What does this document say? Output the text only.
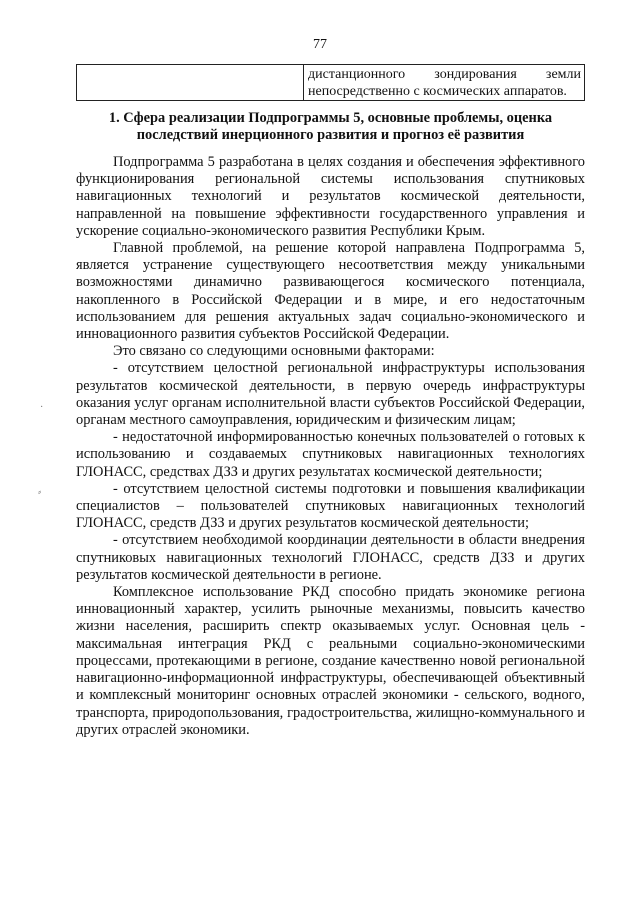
77

дистанционного зондирования земли
непосредственно с космических аппаратов.
1. Сфера реализации Подпрограммы 5, основные проблемы, оценка
последствий инерционного развития и прогноз её развития

Подпрограмма 5 разработана в целях создания и обеспечения эффективного функционирования региональной системы использования спутниковых навигационных технологий и результатов космической деятельности, направленной на повышение эффективности государственного управления и ускорение социально-экономического развития Республики Крым.

Главной проблемой, на решение которой направлена Подпрограмма 5, является устранение существующего несоответствия между уникальными возможностями динамично развивающегося космического потенциала, накопленного в Российской Федерации и в мире, и его недостаточным использованием для решения актуальных задач социально-экономического и инновационного развития субъектов Российской Федерации.

Это связано со следующими основными факторами:

- отсутствием целостной региональной инфраструктуры использования результатов космической деятельности, в первую очередь инфраструктуры оказания услуг органам исполнительной власти субъектов Российской Федерации, органам местного самоуправления, юридическим и физическим лицам;

- недостаточной информированностью конечных пользователей о готовых к использованию и создаваемых спутниковых навигационных технологиях ГЛОНАСС, средствах ДЗЗ и других результатах космической деятельности;

- отсутствием целостной системы подготовки и повышения квалификации специалистов – пользователей спутниковых навигационных технологий ГЛОНАСС, средств ДЗЗ и других результатов космической деятельности;

- отсутствием необходимой координации деятельности в области внедрения спутниковых навигационных технологий ГЛОНАСС, средств ДЗЗ и других результатов космической деятельности в регионе.

Комплексное использование РКД способно придать экономике региона инновационный характер, усилить рыночные механизмы, повысить качество жизни населения, расширить спектр оказываемых услуг. Основная цель - максимальная интеграция РКД с реальными социально-экономическими процессами, протекающими в регионе, создание качественно новой региональной навигационно-информационной инфраструктуры, обеспечивающей объективный и комплексный мониторинг основных отраслей экономики - сельского, водного, транспорта, природопользования, градостроительства, жилищно-коммунального и других отраслей экономики.

·
⸗
